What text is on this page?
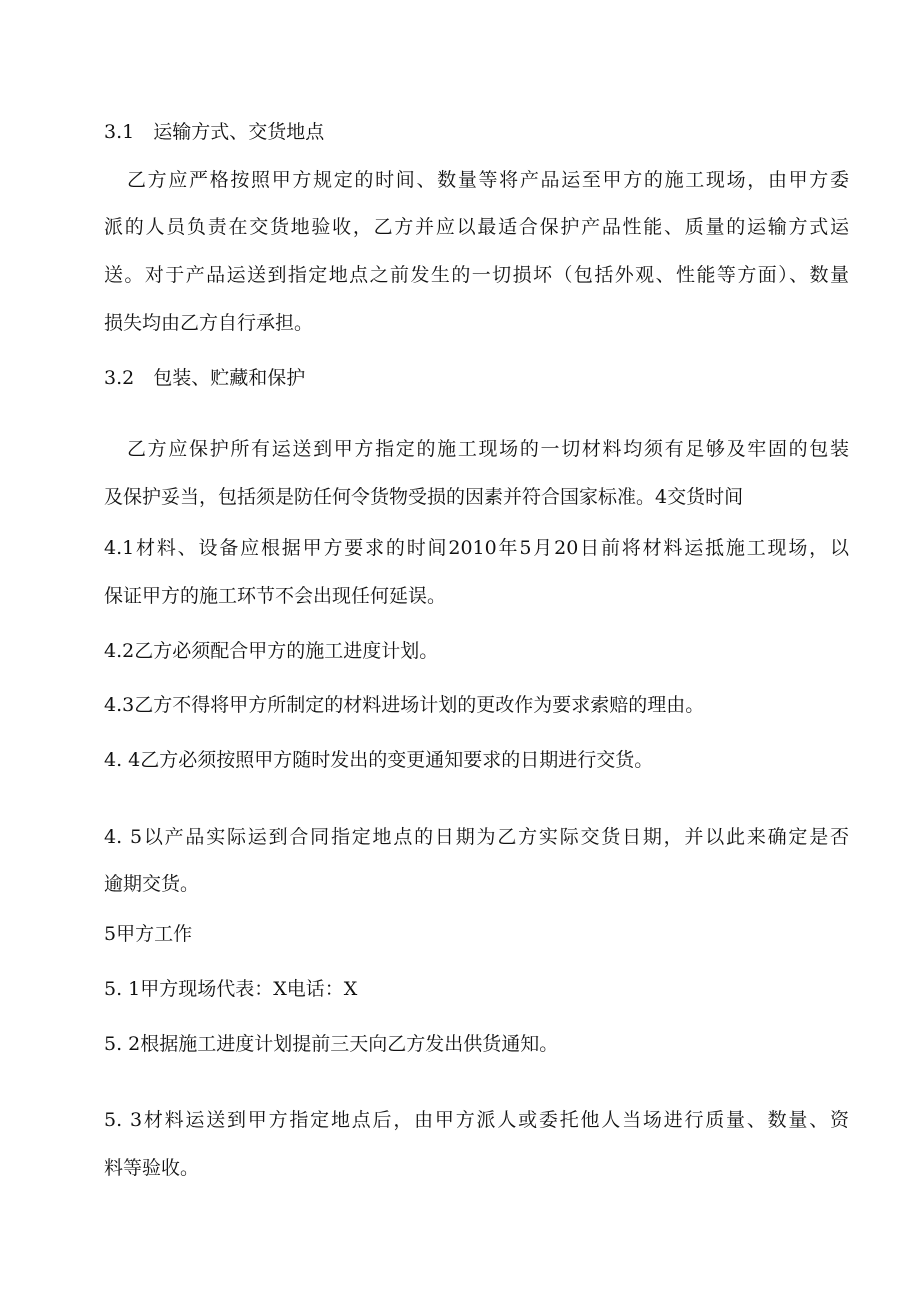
3.1　运输方式、交货地点
乙方应严格按照甲方规定的时间、数量等将产品运至甲方的施工现场，由甲方委
派的人员负责在交货地验收，乙方并应以最适合保护产品性能、质量的运输方式运
送。对于产品运送到指定地点之前发生的一切损坏（包括外观、性能等方面）、数量
损失均由乙方自行承担。
3.2　包装、贮藏和保护
乙方应保护所有运送到甲方指定的施工现场的一切材料均须有足够及牢固的包装
及保护妥当，包括须是防任何令货物受损的因素并符合国家标准。4交货时间
4.1材料、设备应根据甲方要求的时间2010年5月20日前将材料运抵施工现场，以
保证甲方的施工环节不会出现任何延误。
4.2乙方必须配合甲方的施工进度计划。
4.3乙方不得将甲方所制定的材料进场计划的更改作为要求索赔的理由。
4. 4乙方必须按照甲方随时发出的变更通知要求的日期进行交货。
4. 5以产品实际运到合同指定地点的日期为乙方实际交货日期，并以此来确定是否
逾期交货。
5甲方工作
5. 1甲方现场代表：X电话：X
5. 2根据施工进度计划提前三天向乙方发出供货通知。
5. 3材料运送到甲方指定地点后，由甲方派人或委托他人当场进行质量、数量、资
料等验收。
